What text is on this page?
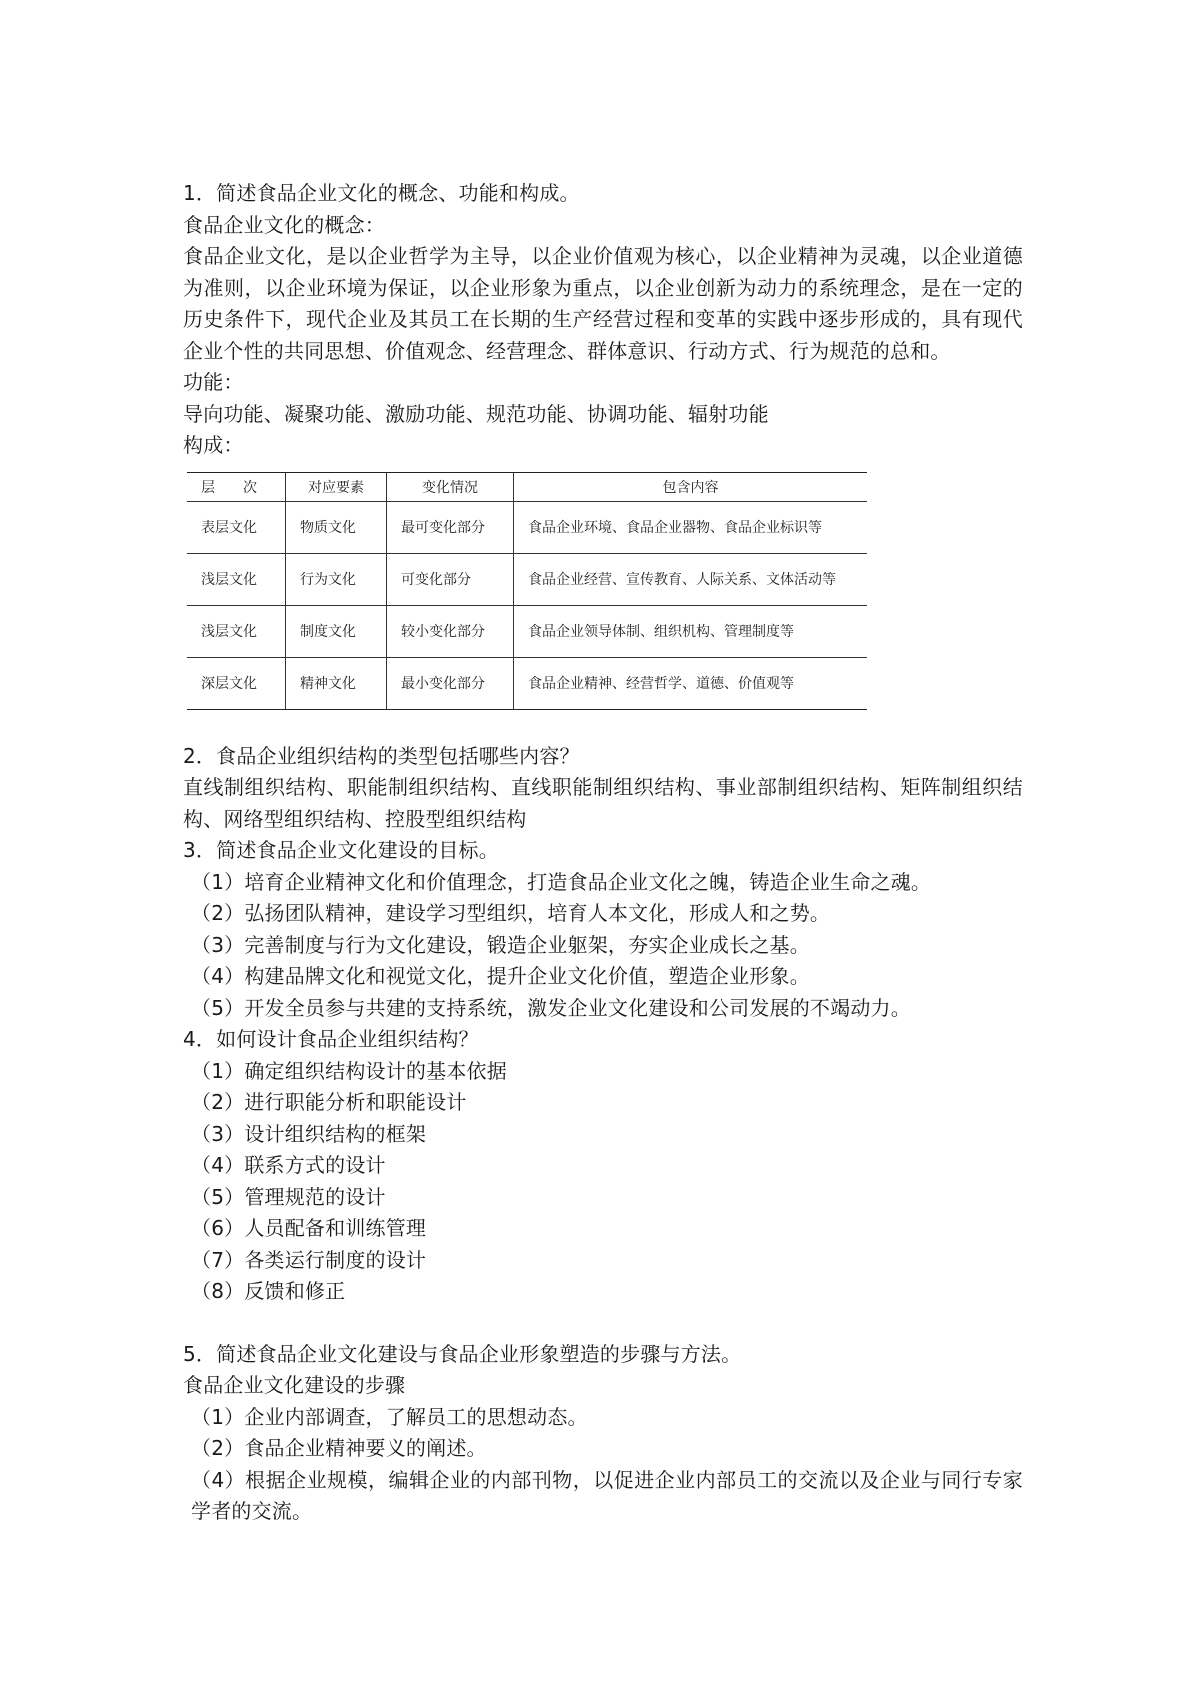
1．简述食品企业文化的概念、功能和构成。
食品企业文化的概念：
食品企业文化，是以企业哲学为主导，以企业价值观为核心，以企业精神为灵魂，以企业道德为准则，以企业环境为保证，以企业形象为重点，以企业创新为动力的系统理念，是在一定的历史条件下，现代企业及其员工在长期的生产经营过程和变革的实践中逐步形成的，具有现代企业个性的共同思想、价值观念、经营理念、群体意识、行动方式、行为规范的总和。
功能：
导向功能、凝聚功能、激励功能、规范功能、协调功能、辐射功能
构成：
层　　次	对应要素	变化情况	包含内容
表层文化	物质文化	最可变化部分	食品企业环境、食品企业器物、食品企业标识等
浅层文化	行为文化	可变化部分	食品企业经营、宣传教育、人际关系、文体活动等
浅层文化	制度文化	较小变化部分	食品企业领导体制、组织机构、管理制度等
深层文化	精神文化	最小变化部分	食品企业精神、经营哲学、道德、价值观等
2．食品企业组织结构的类型包括哪些内容？
直线制组织结构、职能制组织结构、直线职能制组织结构、事业部制组织结构、矩阵制组织结构、网络型组织结构、控股型组织结构
3．简述食品企业文化建设的目标。
（1）培育企业精神文化和价值理念，打造食品企业文化之魄，铸造企业生命之魂。
（2）弘扬团队精神，建设学习型组织，培育人本文化，形成人和之势。
（3）完善制度与行为文化建设，锻造企业躯架，夯实企业成长之基。
（4）构建品牌文化和视觉文化，提升企业文化价值，塑造企业形象。
（5）开发全员参与共建的支持系统，激发企业文化建设和公司发展的不竭动力。
4．如何设计食品企业组织结构？
（1）确定组织结构设计的基本依据
（2）进行职能分析和职能设计
（3）设计组织结构的框架
（4）联系方式的设计
（5）管理规范的设计
（6）人员配备和训练管理
（7）各类运行制度的设计
（8）反馈和修正
5．简述食品企业文化建设与食品企业形象塑造的步骤与方法。
食品企业文化建设的步骤
（1）企业内部调查，了解员工的思想动态。
（2）食品企业精神要义的阐述。
（4）根据企业规模，编辑企业的内部刊物，以促进企业内部员工的交流以及企业与同行专家学者的交流。
